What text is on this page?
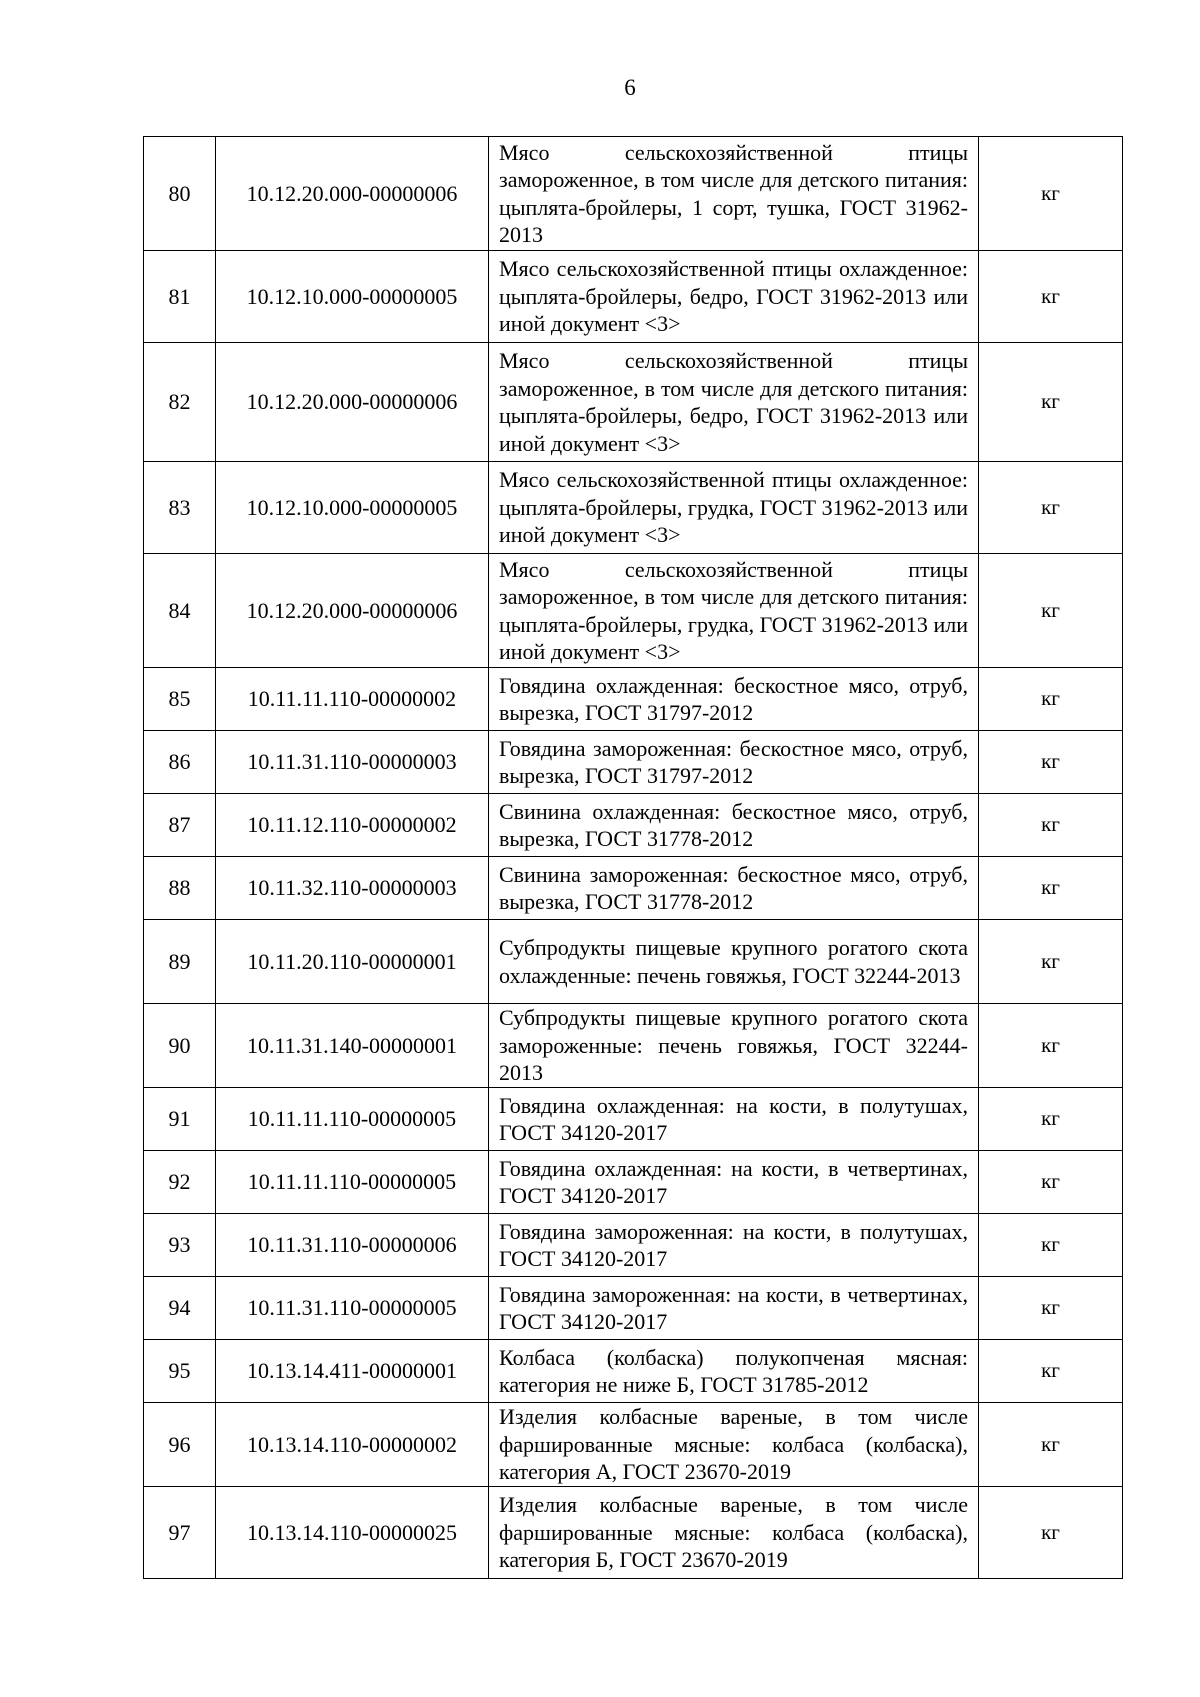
6
80	10.12.20.000-00000006	Мясо сельскохозяйственной птицы замороженное, в том числе для детского питания: цыплята-бройлеры, 1 сорт, тушка, ГОСТ 31962-2013	кг
81	10.12.10.000-00000005	Мясо сельскохозяйственной птицы охлажденное: цыплята-бройлеры, бедро, ГОСТ 31962-2013 или иной документ <3>	кг
82	10.12.20.000-00000006	Мясо сельскохозяйственной птицы замороженное, в том числе для детского питания: цыплята-бройлеры, бедро, ГОСТ 31962-2013 или иной документ <3>	кг
83	10.12.10.000-00000005	Мясо сельскохозяйственной птицы охлажденное: цыплята-бройлеры, грудка, ГОСТ 31962-2013 или иной документ <3>	кг
84	10.12.20.000-00000006	Мясо сельскохозяйственной птицы замороженное, в том числе для детского питания: цыплята-бройлеры, грудка, ГОСТ 31962-2013 или иной документ <3>	кг
85	10.11.11.110-00000002	Говядина охлажденная: бескостное мясо, отруб, вырезка, ГОСТ 31797-2012	кг
86	10.11.31.110-00000003	Говядина замороженная: бескостное мясо, отруб, вырезка, ГОСТ 31797-2012	кг
87	10.11.12.110-00000002	Свинина охлажденная: бескостное мясо, отруб, вырезка, ГОСТ 31778-2012	кг
88	10.11.32.110-00000003	Свинина замороженная: бескостное мясо, отруб, вырезка, ГОСТ 31778-2012	кг
89	10.11.20.110-00000001	Субпродукты пищевые крупного рогатого скота охлажденные: печень говяжья, ГОСТ 32244-2013	кг
90	10.11.31.140-00000001	Субпродукты пищевые крупного рогатого скота замороженные: печень говяжья, ГОСТ 32244-2013	кг
91	10.11.11.110-00000005	Говядина охлажденная: на кости, в полутушах, ГОСТ 34120-2017	кг
92	10.11.11.110-00000005	Говядина охлажденная: на кости, в четвертинах, ГОСТ 34120-2017	кг
93	10.11.31.110-00000006	Говядина замороженная: на кости, в полутушах, ГОСТ 34120-2017	кг
94	10.11.31.110-00000005	Говядина замороженная: на кости, в четвертинах, ГОСТ 34120-2017	кг
95	10.13.14.411-00000001	Колбаса (колбаска) полукопченая мясная: категория не ниже Б, ГОСТ 31785-2012	кг
96	10.13.14.110-00000002	Изделия колбасные вареные, в том числе фаршированные мясные: колбаса (колбаска), категория А, ГОСТ 23670-2019	кг
97	10.13.14.110-00000025	Изделия колбасные вареные, в том числе фаршированные мясные: колбаса (колбаска), категория Б, ГОСТ 23670-2019	кг
